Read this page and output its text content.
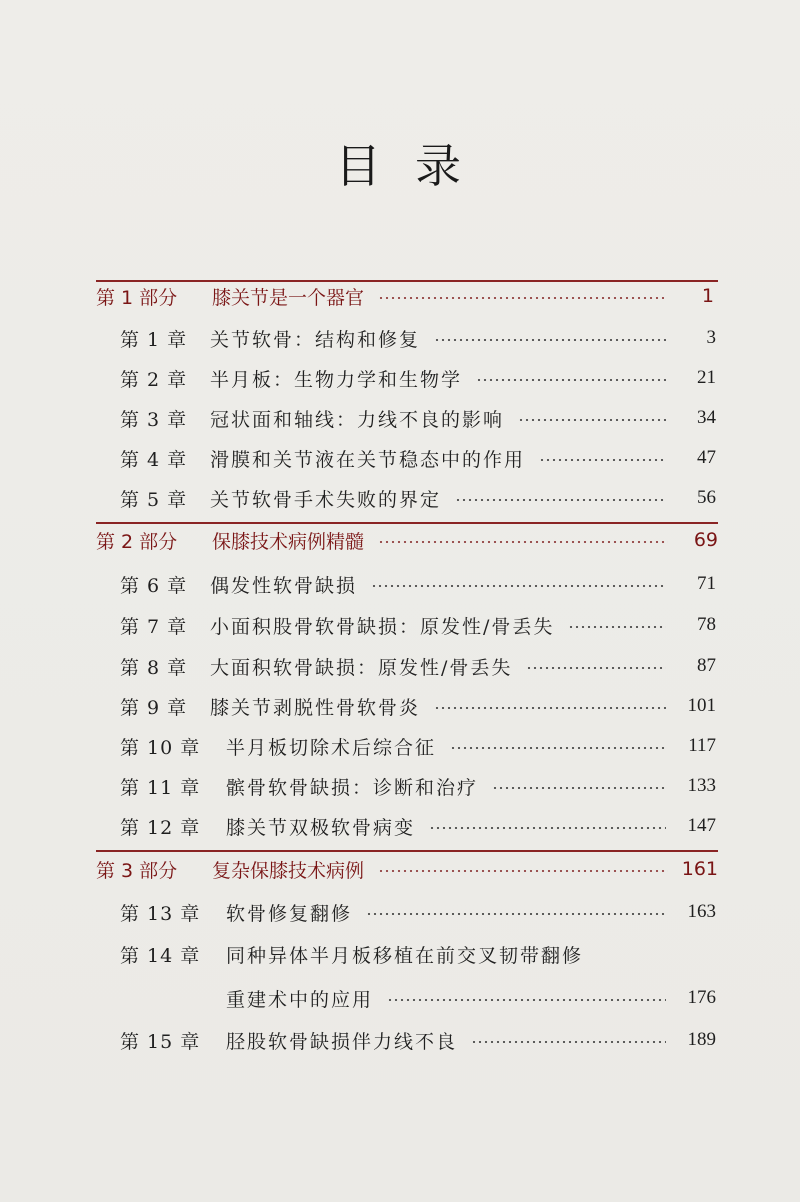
目录
第 1 部分	膝关节是一个器官	1
第 1 章 关节软骨：结构和修复	3
第 2 章 半月板：生物力学和生物学	21
第 3 章 冠状面和轴线：力线不良的影响	34
第 4 章 滑膜和关节液在关节稳态中的作用	47
第 5 章 关节软骨手术失败的界定	56
第 2 部分	保膝技术病例精髓	69
第 6 章 偶发性软骨缺损	71
第 7 章 小面积股骨软骨缺损：原发性/骨丢失	78
第 8 章 大面积软骨缺损：原发性/骨丢失	87
第 9 章 膝关节剥脱性骨软骨炎	101
第 10 章	半月板切除术后综合征	117
第 11 章	髌骨软骨缺损：诊断和治疗	133
第 12 章	膝关节双极软骨病变	147
第 3 部分	复杂保膝技术病例	161
第 13 章	软骨修复翻修	163
第 14 章	同种异体半月板移植在前交叉韧带翻修
重建术中的应用	176
第 15 章	胫股软骨缺损伴力线不良	189
